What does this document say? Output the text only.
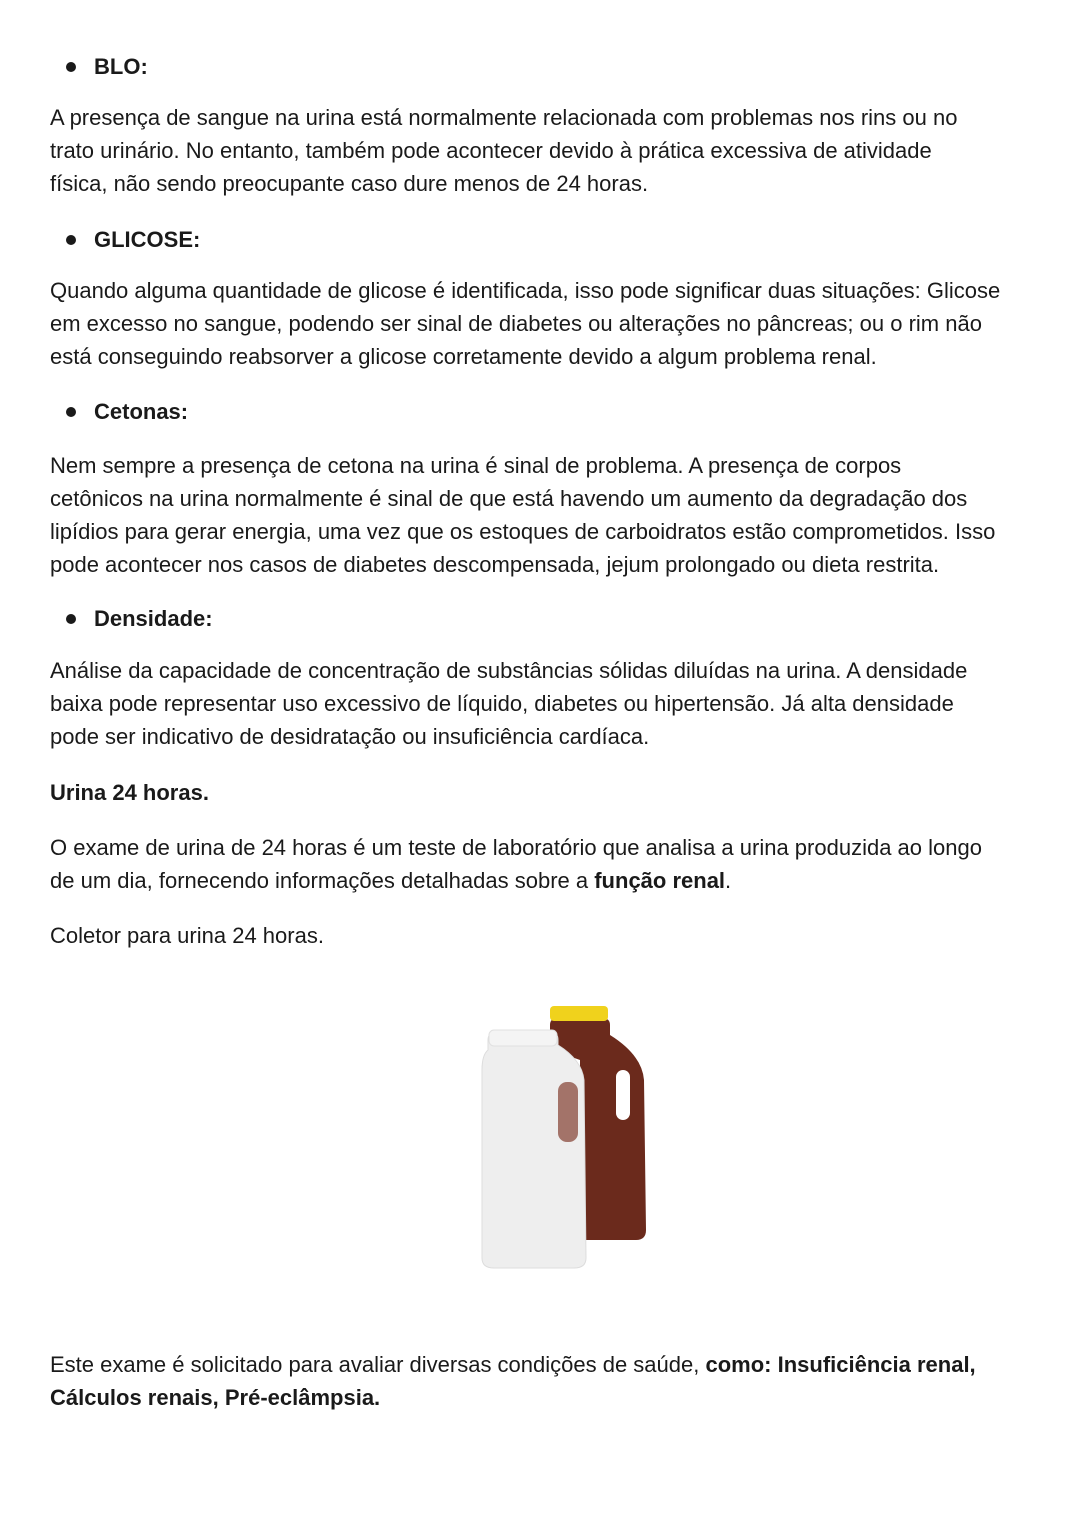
BLO:
A presença de sangue na urina está normalmente relacionada com problemas nos rins ou no
trato urinário. No entanto, também pode acontecer devido à prática excessiva de atividade
física, não sendo preocupante caso dure menos de 24 horas.
GLICOSE:
Quando alguma quantidade de glicose é identificada, isso pode significar duas situações: Glicose
em excesso no sangue, podendo ser sinal de diabetes ou alterações no pâncreas; ou o rim não
está conseguindo reabsorver a glicose corretamente devido a algum problema renal.
Cetonas:
Nem sempre a presença de cetona na urina é sinal de problema. A presença de corpos
cetônicos na urina normalmente é sinal de que está havendo um aumento da degradação dos
lipídios para gerar energia, uma vez que os estoques de carboidratos estão comprometidos. Isso
pode acontecer nos casos de diabetes descompensada, jejum prolongado ou dieta restrita.
Densidade:
Análise da capacidade de concentração de substâncias sólidas diluídas na urina. A densidade
baixa pode representar uso excessivo de líquido, diabetes ou hipertensão. Já alta densidade
pode ser indicativo de desidratação ou insuficiência cardíaca.
Urina 24 horas.
O exame de urina de 24 horas é um teste de laboratório que analisa a urina produzida ao longo
de um dia, fornecendo informações detalhadas sobre a função renal.
Coletor para urina 24 horas.
Este exame é solicitado para avaliar diversas condições de saúde, como: Insuficiência renal,
Cálculos renais, Pré-eclâmpsia.
